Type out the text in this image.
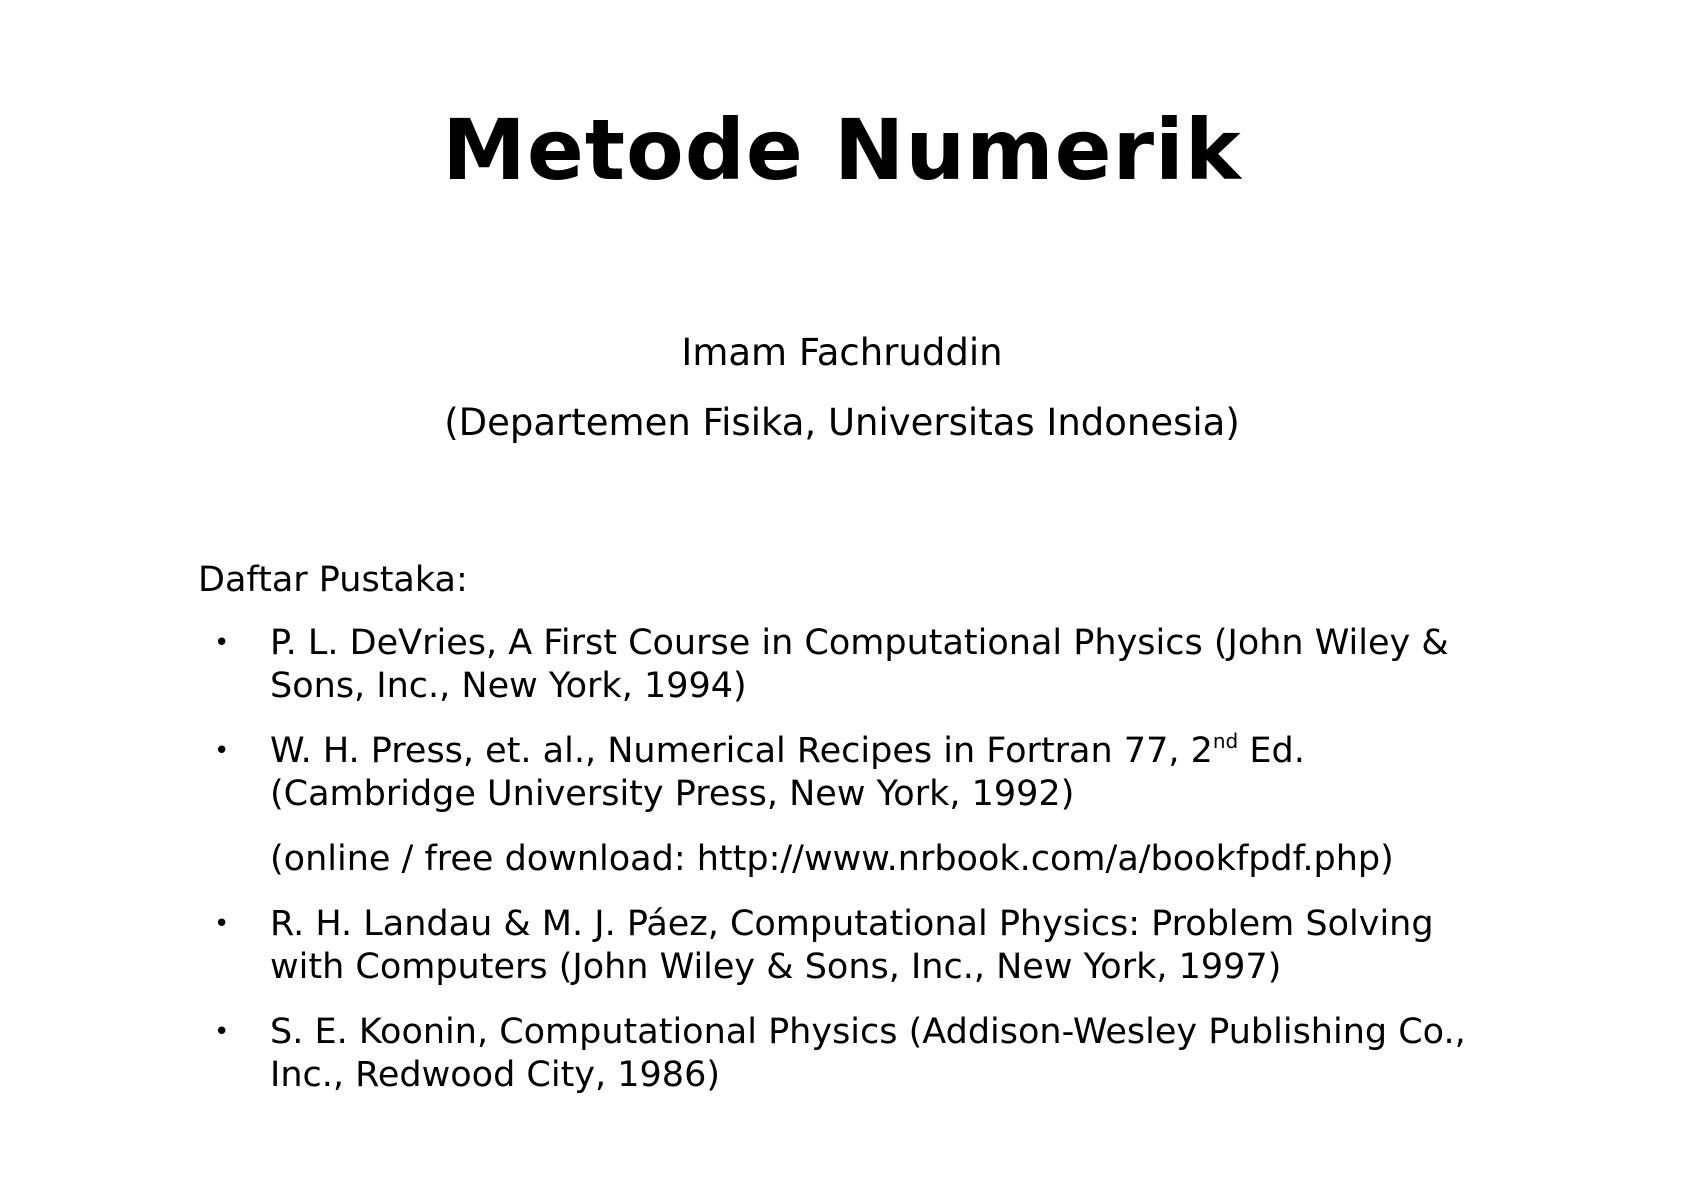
Metode Numerik
Imam Fachruddin
(Departemen Fisika, Universitas Indonesia)
Daftar Pustaka:
• P. L. DeVries, A First Course in Computational Physics (John Wiley & Sons, Inc., New York, 1994)
• W. H. Press, et. al., Numerical Recipes in Fortran 77, 2nd Ed. (Cambridge University Press, New York, 1992)
(online / free download: http://www.nrbook.com/a/bookfpdf.php)
• R. H. Landau & M. J. Páez, Computational Physics: Problem Solving with Computers (John Wiley & Sons, Inc., New York, 1997)
• S. E. Koonin, Computational Physics (Addison-Wesley Publishing Co., Inc., Redwood City, 1986)
